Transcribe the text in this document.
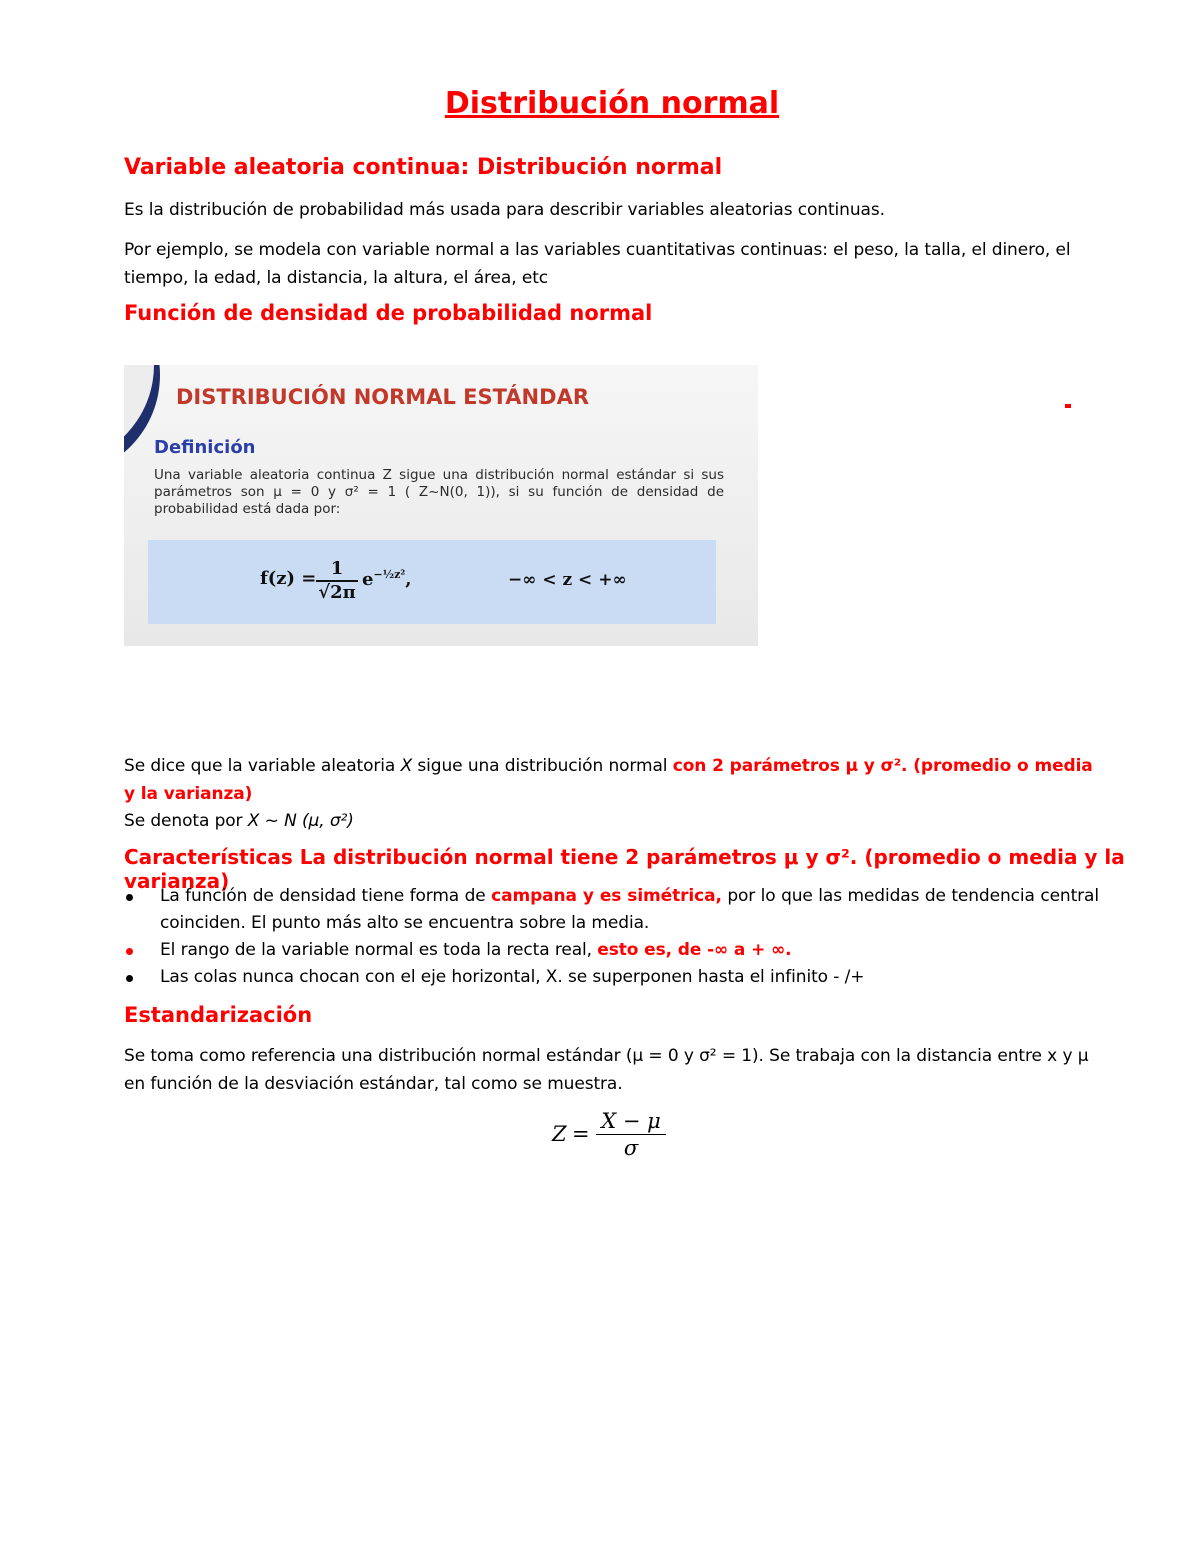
Distribución normal
Variable aleatoria continua: Distribución normal
Es la distribución de probabilidad más usada para describir variables aleatorias continuas.
Por ejemplo, se modela con variable normal a las variables cuantitativas continuas: el peso, la talla, el dinero, el tiempo, la edad, la distancia, la altura, el área, etc
Función de densidad de probabilidad normal
DISTRIBUCIÓN NORMAL ESTÁNDAR
Definición
Una variable aleatoria continua Z sigue una distribución normal estándar si sus parámetros son μ = 0 y σ² = 1 ( Z~N(0, 1)), si su función de densidad de probabilidad está dada por:
$f(z) = \frac{1}{√2\pi} e^{-\frac{1}{2}z^2}$,	−∞ < z < +∞
Se dice que la variable aleatoria X sigue una distribución normal con 2 parámetros μ y σ². (promedio o media y la varianza)
Se denota por X ~ N (μ, σ²)
Características La distribución normal tiene 2 parámetros μ y σ². (promedio o media y la varianza)
La función de densidad tiene forma de campana y es simétrica, por lo que las medidas de tendencia central coinciden. El punto más alto se encuentra sobre la media.
El rango de la variable normal es toda la recta real, esto es, de -∞ a + ∞.
Las colas nunca chocan con el eje horizontal, X. se superponen hasta el infinito - /+
Estandarización
Se toma como referencia una distribución normal estándar (μ = 0 y σ² = 1). Se trabaja con la distancia entre x y μ en función de la desviación estándar, tal como se muestra.
$Z = \frac{X - \mu}{\sigma}$
